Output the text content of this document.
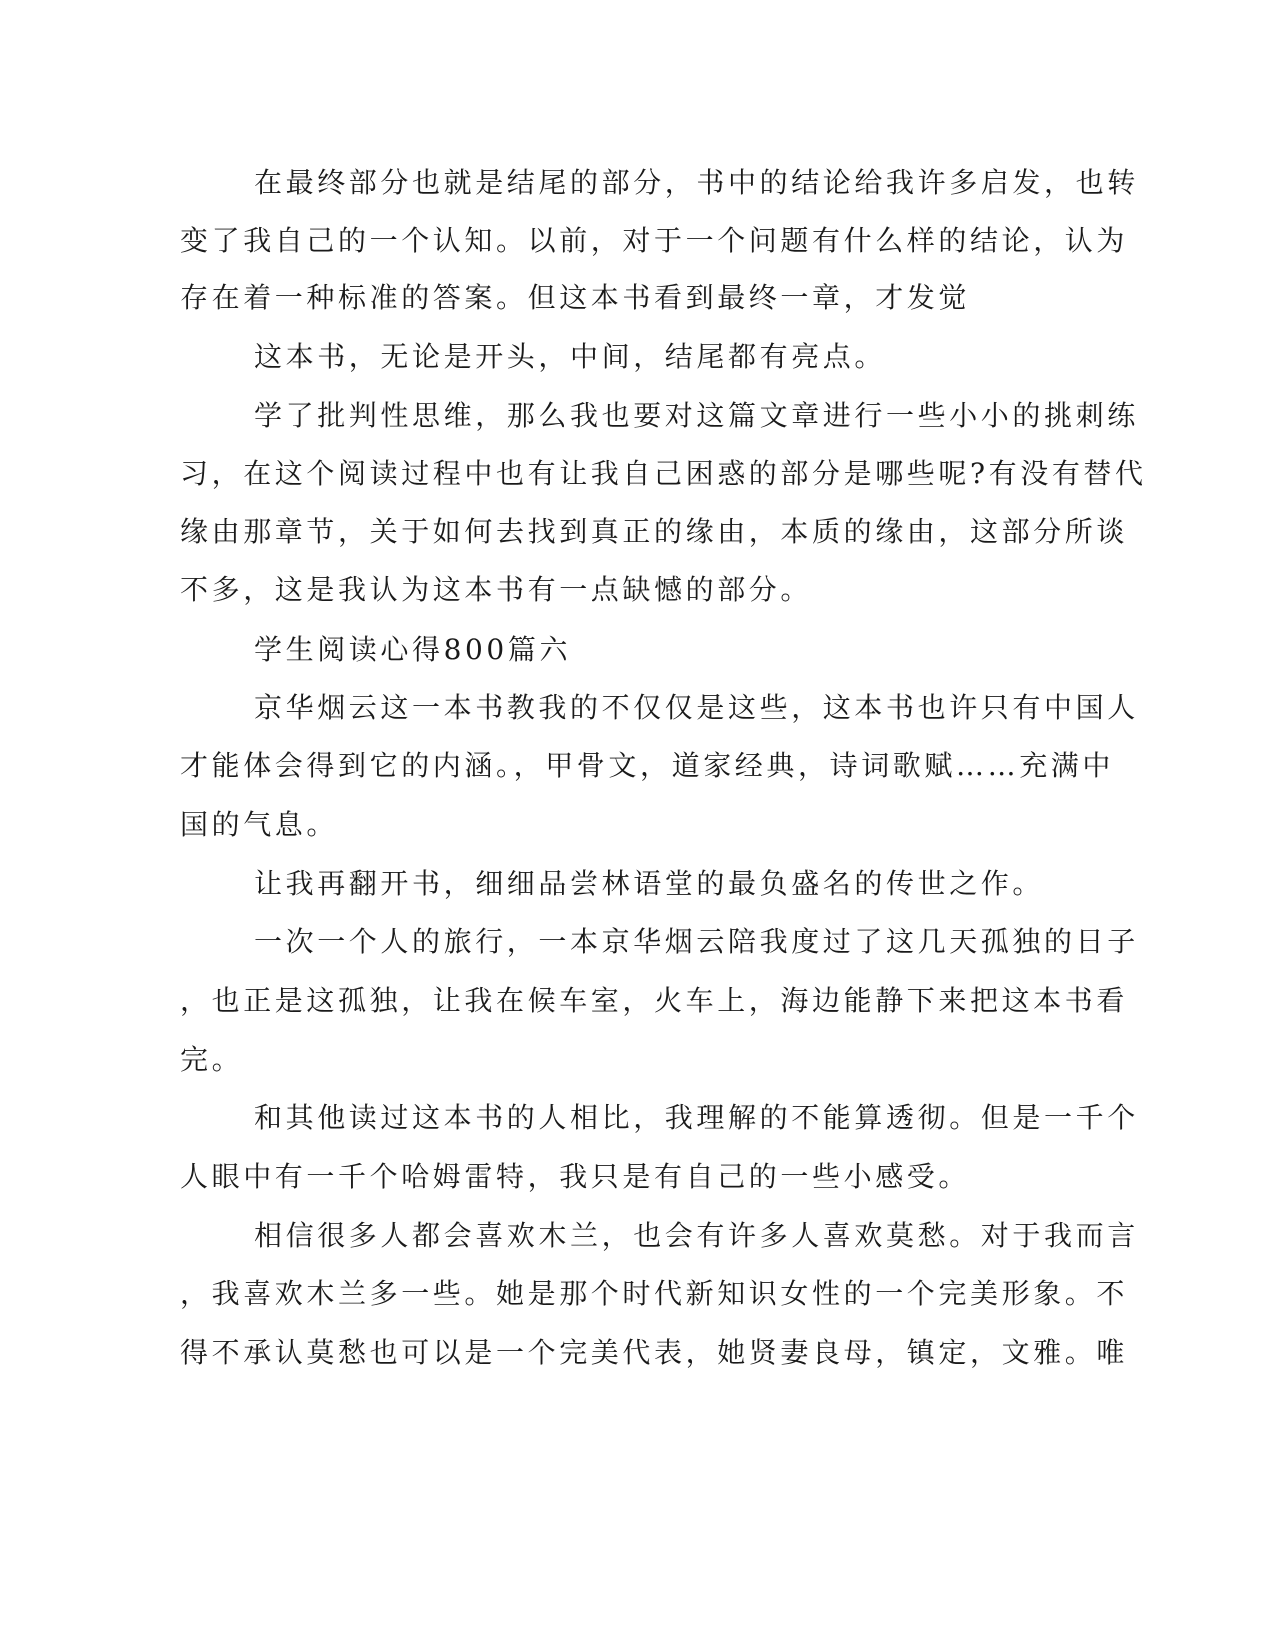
在最终部分也就是结尾的部分，书中的结论给我许多启发，也转
变了我自己的一个认知。以前，对于一个问题有什么样的结论，认为
存在着一种标准的答案。但这本书看到最终一章，才发觉
这本书，无论是开头，中间，结尾都有亮点。
学了批判性思维，那么我也要对这篇文章进行一些小小的挑刺练
习，在这个阅读过程中也有让我自己困惑的部分是哪些呢?有没有替代
缘由那章节，关于如何去找到真正的缘由，本质的缘由，这部分所谈
不多，这是我认为这本书有一点缺憾的部分。
学生阅读心得800篇六
京华烟云这一本书教我的不仅仅是这些，这本书也许只有中国人
才能体会得到它的内涵。，甲骨文，道家经典，诗词歌赋……充满中
国的气息。
让我再翻开书，细细品尝林语堂的最负盛名的传世之作。
一次一个人的旅行，一本京华烟云陪我度过了这几天孤独的日子
，也正是这孤独，让我在候车室，火车上，海边能静下来把这本书看
完。
和其他读过这本书的人相比，我理解的不能算透彻。但是一千个
人眼中有一千个哈姆雷特，我只是有自己的一些小感受。
相信很多人都会喜欢木兰，也会有许多人喜欢莫愁。对于我而言
，我喜欢木兰多一些。她是那个时代新知识女性的一个完美形象。不
得不承认莫愁也可以是一个完美代表，她贤妻良母，镇定，文雅。唯
